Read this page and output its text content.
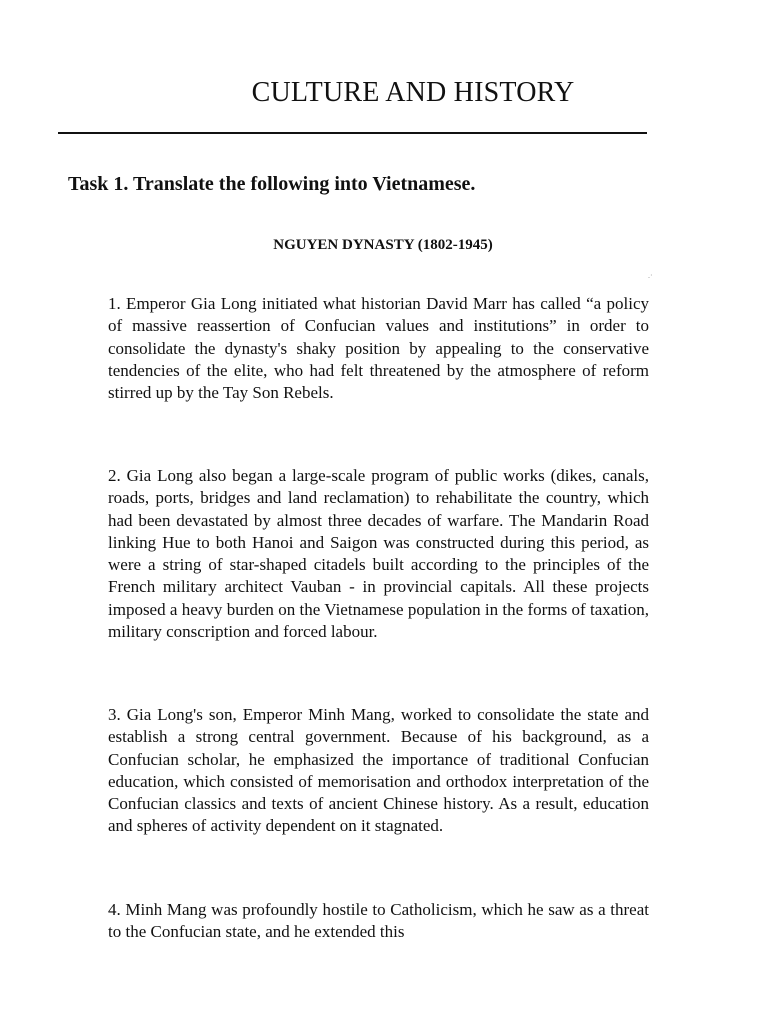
CULTURE AND HISTORY
Task 1. Translate the following into Vietnamese.
NGUYEN DYNASTY (1802-1945)
.·

1. Emperor Gia Long initiated what historian David Marr has called “a policy of massive reassertion of Confucian values and institutions” in order to consolidate the dynasty's shaky position by appealing to the conservative tendencies of the elite, who had felt threatened by the atmosphere of reform stirred up by the Tay Son Rebels.

2. Gia Long also began a large-scale program of public works (dikes, canals, roads, ports, bridges and land reclamation) to rehabilitate the country, which had been devastated by almost three decades of warfare. The Mandarin Road linking Hue to both Hanoi and Saigon was constructed during this period, as were a string of star-shaped citadels built according to the principles of the French military architect Vauban - in provincial capitals. All these projects imposed a heavy burden on the Vietnamese population in the forms of taxation, military conscription and forced labour.

3. Gia Long's son, Emperor Minh Mang, worked to consolidate the state and establish a strong central government. Because of his background, as a Confucian scholar, he emphasized the importance of traditional Confucian education, which consisted of memorisation and orthodox interpretation of the Confucian classics and texts of ancient Chinese history. As a result, education and spheres of activity dependent on it stagnated.

4. Minh Mang was profoundly hostile to Catholicism, which he saw as a threat to the Confucian state, and he extended this
